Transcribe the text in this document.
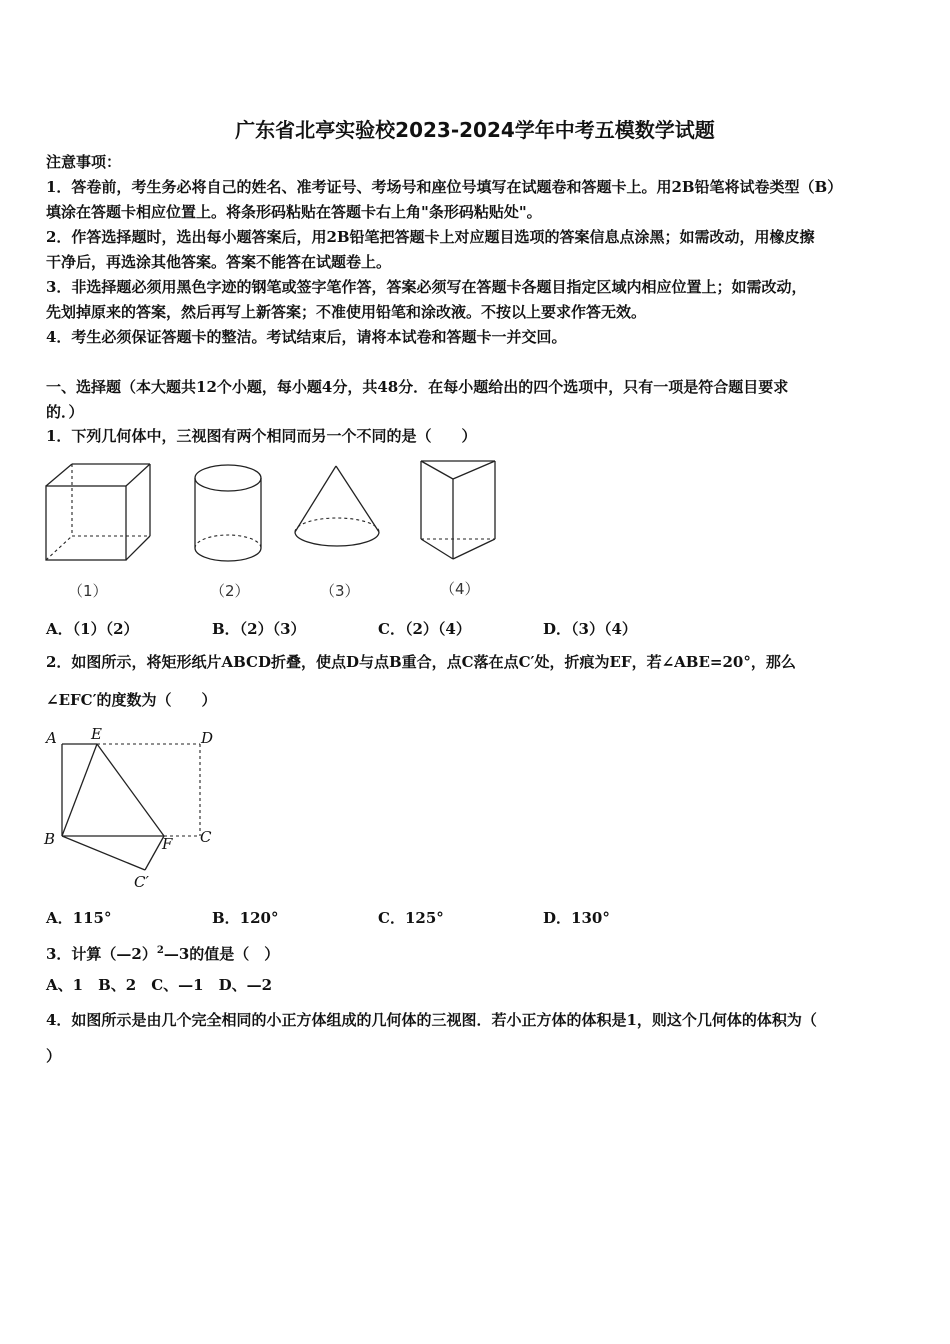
广东省北亭实验校2023-2024学年中考五模数学试题
注意事项：
1．答卷前，考生务必将自己的姓名、准考证号、考场号和座位号填写在试题卷和答题卡上。用2B铅笔将试卷类型（B）
填涂在答题卡相应位置上。将条形码粘贴在答题卡右上角"条形码粘贴处"。
2．作答选择题时，选出每小题答案后，用2B铅笔把答题卡上对应题目选项的答案信息点涂黑；如需改动，用橡皮擦
干净后，再选涂其他答案。答案不能答在试题卷上。
3．非选择题必须用黑色字迹的钢笔或签字笔作答，答案必须写在答题卡各题目指定区域内相应位置上；如需改动，
先划掉原来的答案，然后再写上新答案；不准使用铅笔和涂改液。不按以上要求作答无效。
4．考生必须保证答题卡的整洁。考试结束后，请将本试卷和答题卡一并交回。
一、选择题（本大题共12个小题，每小题4分，共48分．在每小题给出的四个选项中，只有一项是符合题目要求
的．）
1．下列几何体中，三视图有两个相同而另一个不同的是（　　）
（1）	（2）	（3）	（4）
A．（1）（2）	B．（2）（3）	C．（2）（4）	D．（3）（4）
2．如图所示，将矩形纸片ABCD折叠，使点D与点B重合，点C落在点C′处，折痕为EF，若∠ABE=20°，那么
∠EFC′的度数为（　　）
A E	D
B	F C
C′
A．115°	B．120°	C．125°	D．130°
3．计算（—2）$^2$—3的值是（　）
A、1　B、2　C、—1　D、—2
4．如图所示是由几个完全相同的小正方体组成的几何体的三视图．若小正方体的体积是1，则这个几何体的体积为（
）
